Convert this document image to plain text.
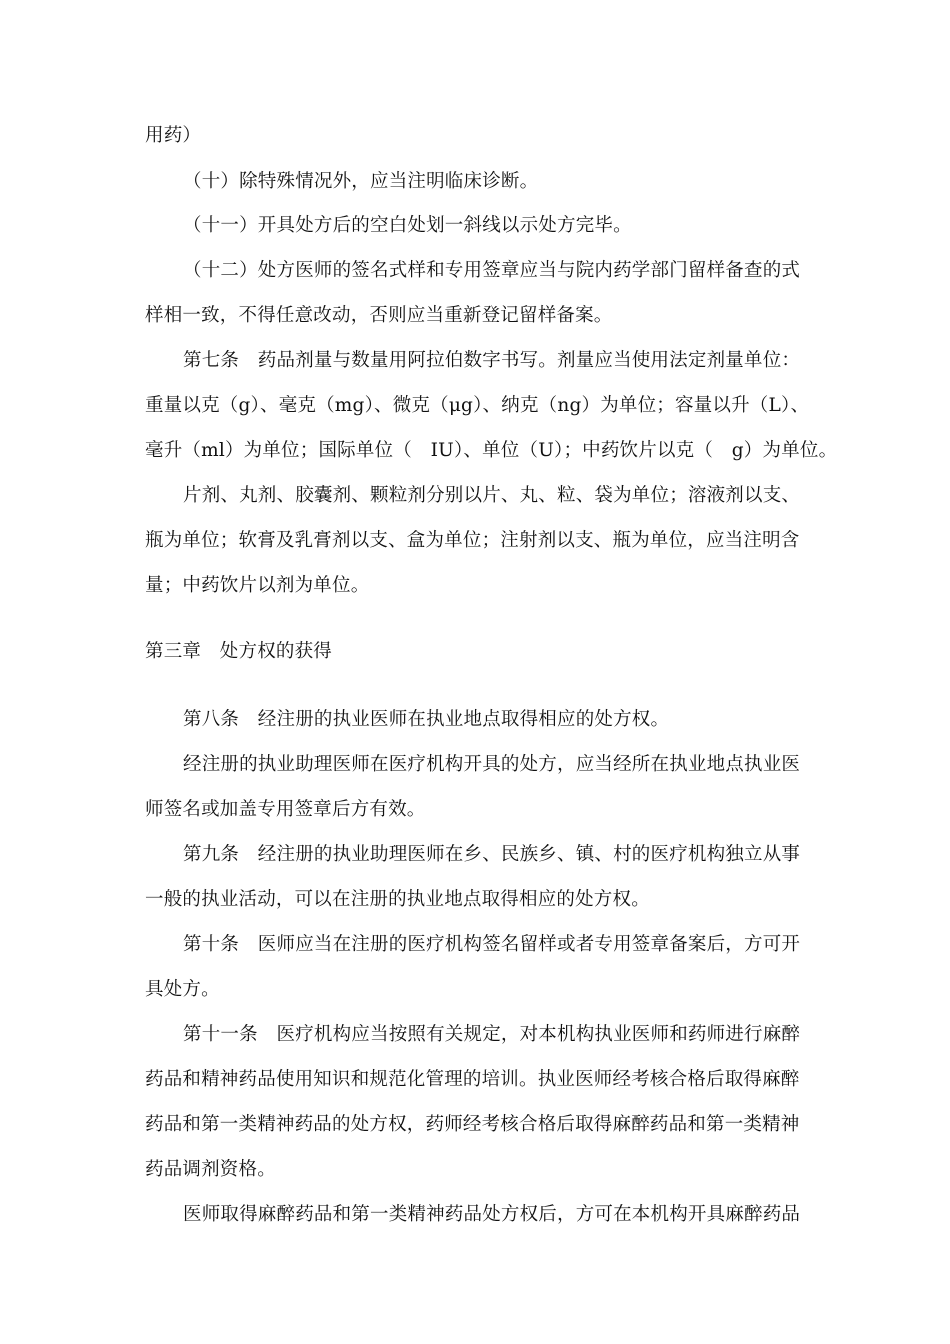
用药）
（十）除特殊情况外，应当注明临床诊断。
（十一）开具处方后的空白处划一斜线以示处方完毕。
（十二）处方医师的签名式样和专用签章应当与院内药学部门留样备查的式
样相一致，不得任意改动，否则应当重新登记留样备案。
第七条　药品剂量与数量用阿拉伯数字书写。剂量应当使用法定剂量单位：
重量以克（g）、毫克（mg）、微克（μg）、纳克（ng）为单位；容量以升（L）、
毫升（ml）为单位；国际单位（　IU）、单位（U）；中药饮片以克（　g）为单位。
片剂、丸剂、胶囊剂、颗粒剂分别以片、丸、粒、袋为单位；溶液剂以支、
瓶为单位；软膏及乳膏剂以支、盒为单位；注射剂以支、瓶为单位，应当注明含
量；中药饮片以剂为单位。
第三章　处方权的获得
第八条　经注册的执业医师在执业地点取得相应的处方权。
经注册的执业助理医师在医疗机构开具的处方，应当经所在执业地点执业医
师签名或加盖专用签章后方有效。
第九条　经注册的执业助理医师在乡、民族乡、镇、村的医疗机构独立从事
一般的执业活动，可以在注册的执业地点取得相应的处方权。
第十条　医师应当在注册的医疗机构签名留样或者专用签章备案后，方可开
具处方。
第十一条　医疗机构应当按照有关规定，对本机构执业医师和药师进行麻醉
药品和精神药品使用知识和规范化管理的培训。执业医师经考核合格后取得麻醉
药品和第一类精神药品的处方权，药师经考核合格后取得麻醉药品和第一类精神
药品调剂资格。
医师取得麻醉药品和第一类精神药品处方权后，方可在本机构开具麻醉药品
